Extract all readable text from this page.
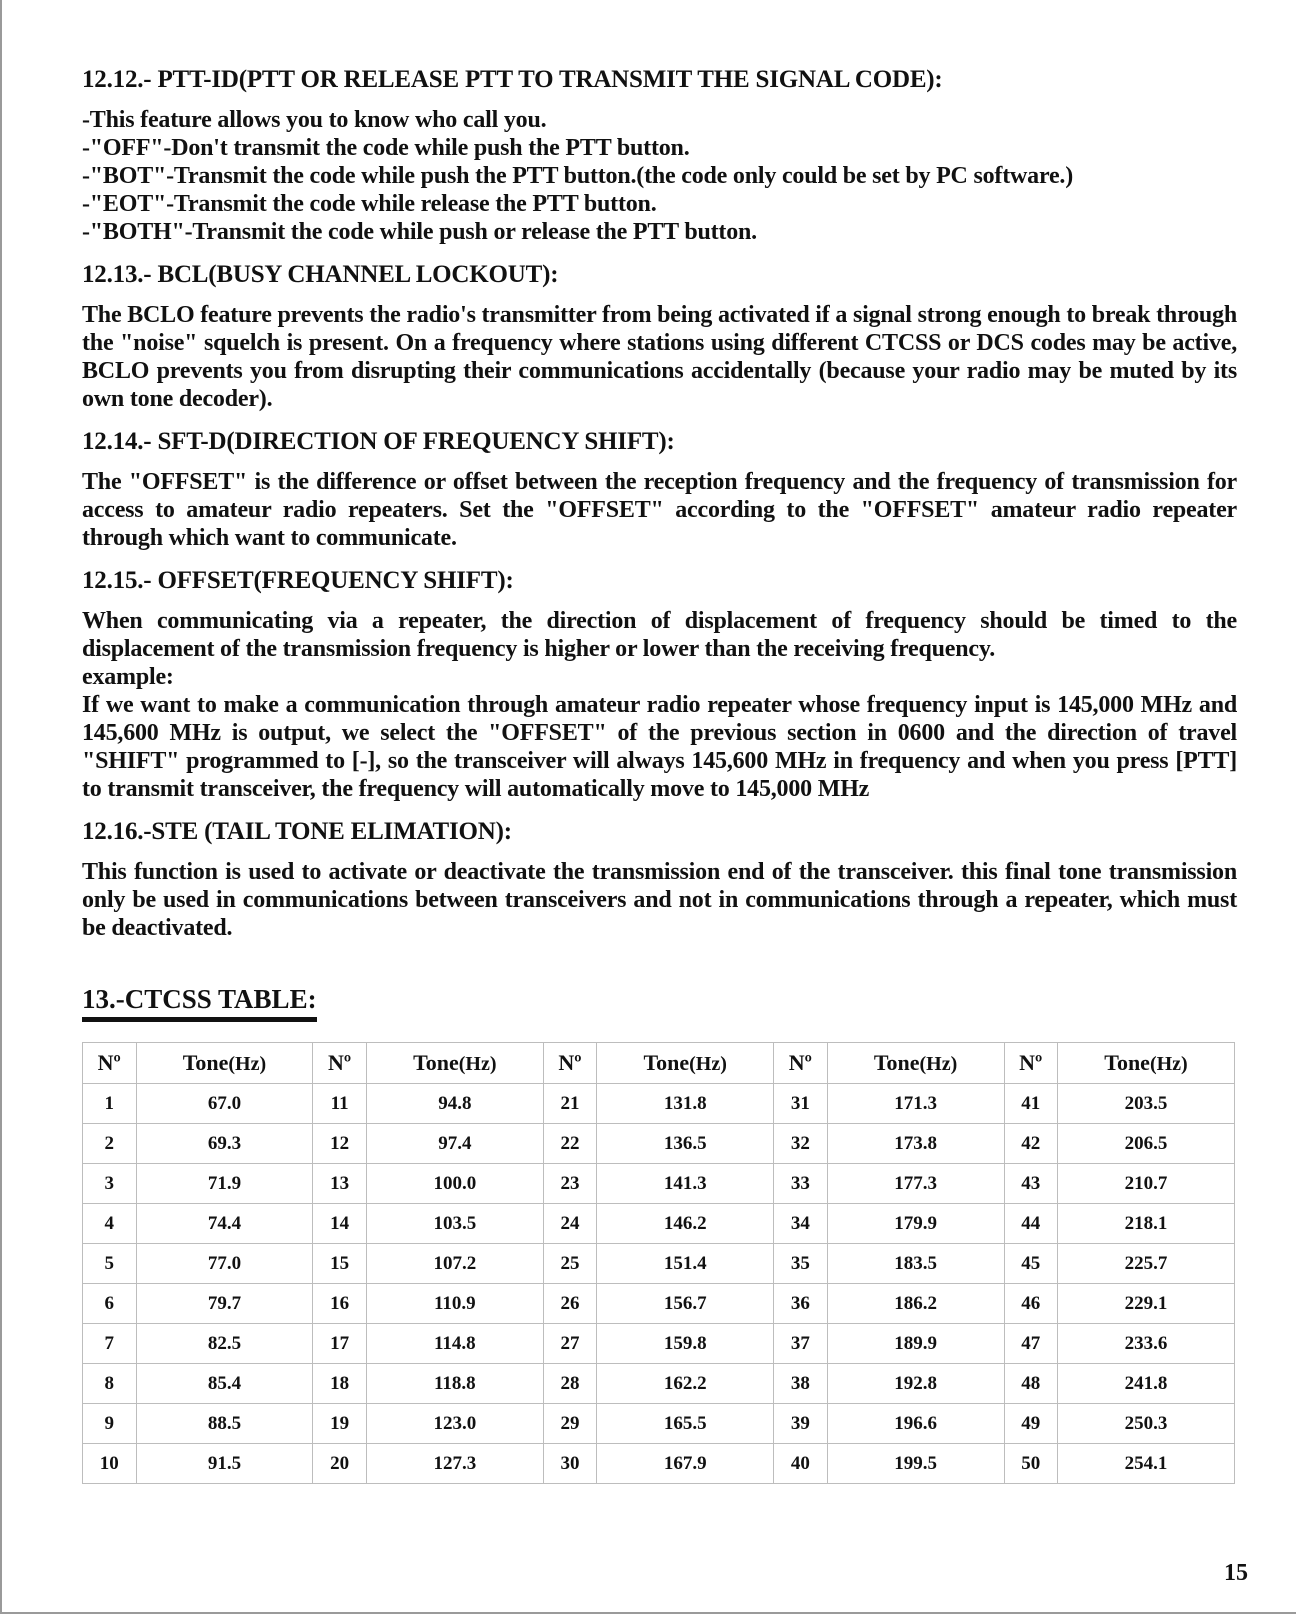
12.12.- PTT-ID(PTT OR RELEASE PTT TO TRANSMIT THE SIGNAL CODE):

-This feature allows you to know who call you.

-"OFF"-Don't transmit the code while push the PTT button.

-"BOT"-Transmit the code while push the PTT button.(the code only could be set by PC software.)

-"EOT"-Transmit the code while release the PTT button.

-"BOTH"-Transmit the code while push or release the PTT button.

12.13.- BCL(BUSY CHANNEL LOCKOUT):

The BCLO feature prevents the radio's transmitter from being activated if a signal strong enough to break through the "noise" squelch is present. On a frequency where stations using different CTCSS or DCS codes may be active, BCLO prevents you from disrupting their communications accidentally (because your radio may be muted by its own tone decoder).

12.14.- SFT-D(DIRECTION OF FREQUENCY SHIFT):

The "OFFSET" is the difference or offset between the reception frequency and the frequency of transmission for access to amateur radio repeaters. Set the "OFFSET" according to the "OFFSET" amateur radio repeater through which want to communicate.

12.15.- OFFSET(FREQUENCY SHIFT):

When communicating via a repeater, the direction of displacement of frequency should be timed to the displacement of the transmission frequency is higher or lower than the receiving frequency.

example:

If we want to make a communication through amateur radio repeater whose frequency input is 145,000 MHz and 145,600 MHz is output, we select the "OFFSET" of the previous section in 0600 and the direction of travel "SHIFT" programmed to [-], so the transceiver will always 145,600 MHz in frequency and when you press [PTT] to transmit transceiver, the frequency will automatically move to 145,000 MHz

12.16.-STE (TAIL TONE ELIMATION):

This function is used to activate or deactivate the transmission end of the transceiver. this final tone transmission only be used in communications between transceivers and not in communications through a repeater, which must be deactivated.

13.-CTCSS TABLE:
Nº	Tone(Hz)	Nº	Tone(Hz)	Nº	Tone(Hz)	Nº	Tone(Hz)	Nº	Tone(Hz)
1	67.0	11	94.8	21	131.8	31	171.3	41	203.5
2	69.3	12	97.4	22	136.5	32	173.8	42	206.5
3	71.9	13	100.0	23	141.3	33	177.3	43	210.7
4	74.4	14	103.5	24	146.2	34	179.9	44	218.1
5	77.0	15	107.2	25	151.4	35	183.5	45	225.7
6	79.7	16	110.9	26	156.7	36	186.2	46	229.1
7	82.5	17	114.8	27	159.8	37	189.9	47	233.6
8	85.4	18	118.8	28	162.2	38	192.8	48	241.8
9	88.5	19	123.0	29	165.5	39	196.6	49	250.3
10	91.5	20	127.3	30	167.9	40	199.5	50	254.1
15
